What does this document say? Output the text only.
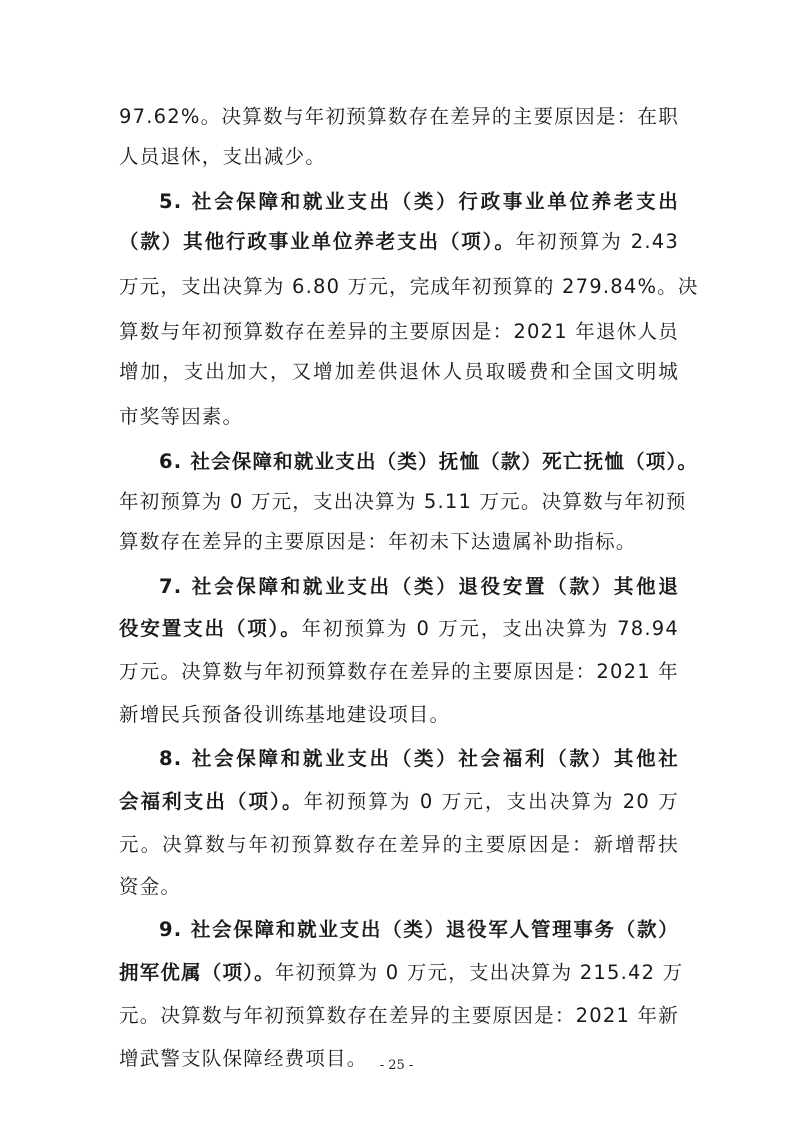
97.62%。决算数与年初预算数存在差异的主要原因是：在职
人员退休，支出减少。
5. 社会保障和就业支出（类）行政事业单位养老支出
（款）其他行政事业单位养老支出（项）。年初预算为 2.43
万元，支出决算为 6.80 万元，完成年初预算的 279.84%。决
算数与年初预算数存在差异的主要原因是：2021 年退休人员
增加，支出加大，又增加差供退休人员取暖费和全国文明城
市奖等因素。
6. 社会保障和就业支出（类）抚恤（款）死亡抚恤（项）。
年初预算为 0 万元，支出决算为 5.11 万元。决算数与年初预
算数存在差异的主要原因是：年初未下达遗属补助指标。
7. 社会保障和就业支出（类）退役安置（款）其他退
役安置支出（项）。年初预算为 0 万元，支出决算为 78.94
万元。决算数与年初预算数存在差异的主要原因是：2021 年
新增民兵预备役训练基地建设项目。
8. 社会保障和就业支出（类）社会福利（款）其他社
会福利支出（项）。年初预算为 0 万元，支出决算为 20 万
元。决算数与年初预算数存在差异的主要原因是：新增帮扶
资金。
9. 社会保障和就业支出（类）退役军人管理事务（款）
拥军优属（项）。年初预算为 0 万元，支出决算为 215.42 万
元。决算数与年初预算数存在差异的主要原因是：2021 年新
增武警支队保障经费项目。 - 25 -
